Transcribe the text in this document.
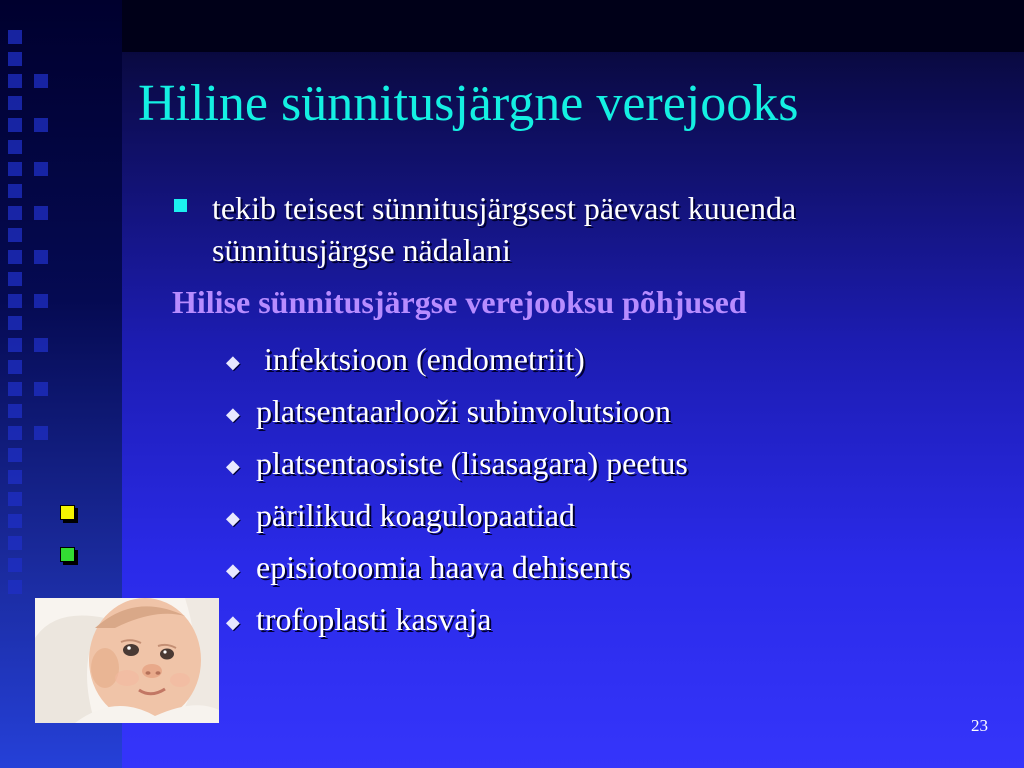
Hiline sünnitusjärgne verejooks
tekib teisest sünnitusjärgsest päevast kuuenda sünnitusjärgse nädalani

Hilise sünnitusjärgse verejooksu põhjused

◆ infektsioon (endometriit)
◆ platsentaarlooži subinvolutsioon
◆ platsentaosiste (lisasagara) peetus
◆ pärilikud koagulopaatiad
◆ episiotoomia haava dehisents
◆ trofoplasti kasvaja
23
